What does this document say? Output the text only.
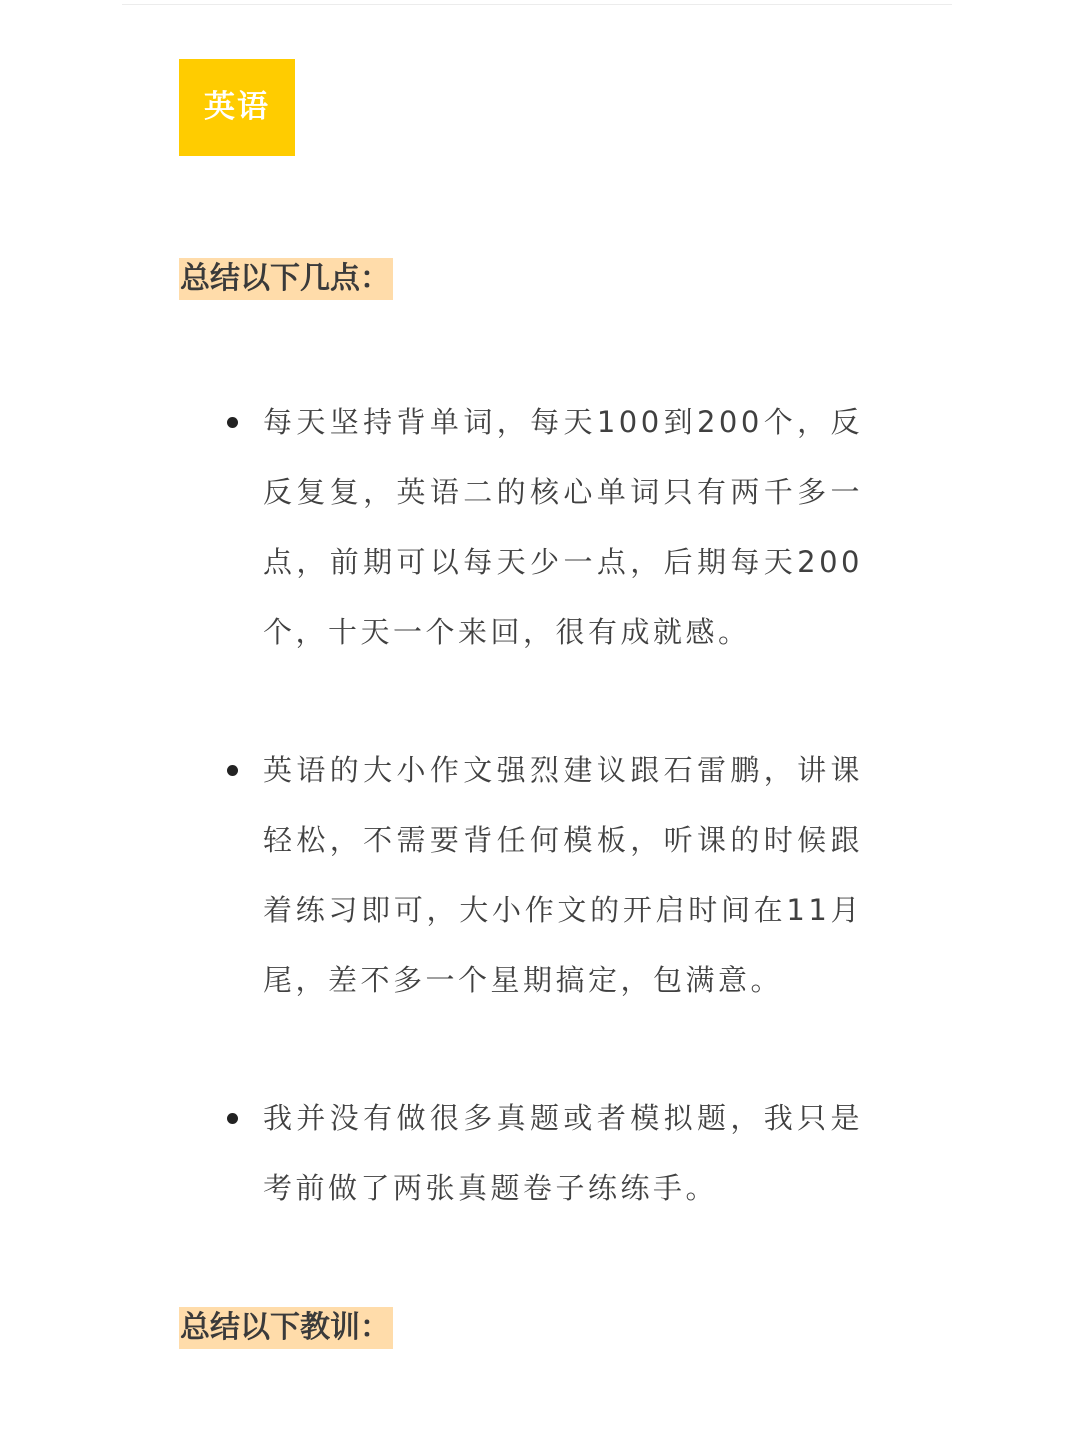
英语
总结以下几点：
每天坚持背单词，每天100到200个，反反复复，英语二的核心单词只有两千多一点，前期可以每天少一点，后期每天200个，十天一个来回，很有成就感。
英语的大小作文强烈建议跟石雷鹏，讲课轻松，不需要背任何模板，听课的时候跟着练习即可，大小作文的开启时间在11月尾，差不多一个星期搞定，包满意。
我并没有做很多真题或者模拟题，我只是考前做了两张真题卷子练练手。
总结以下教训：
